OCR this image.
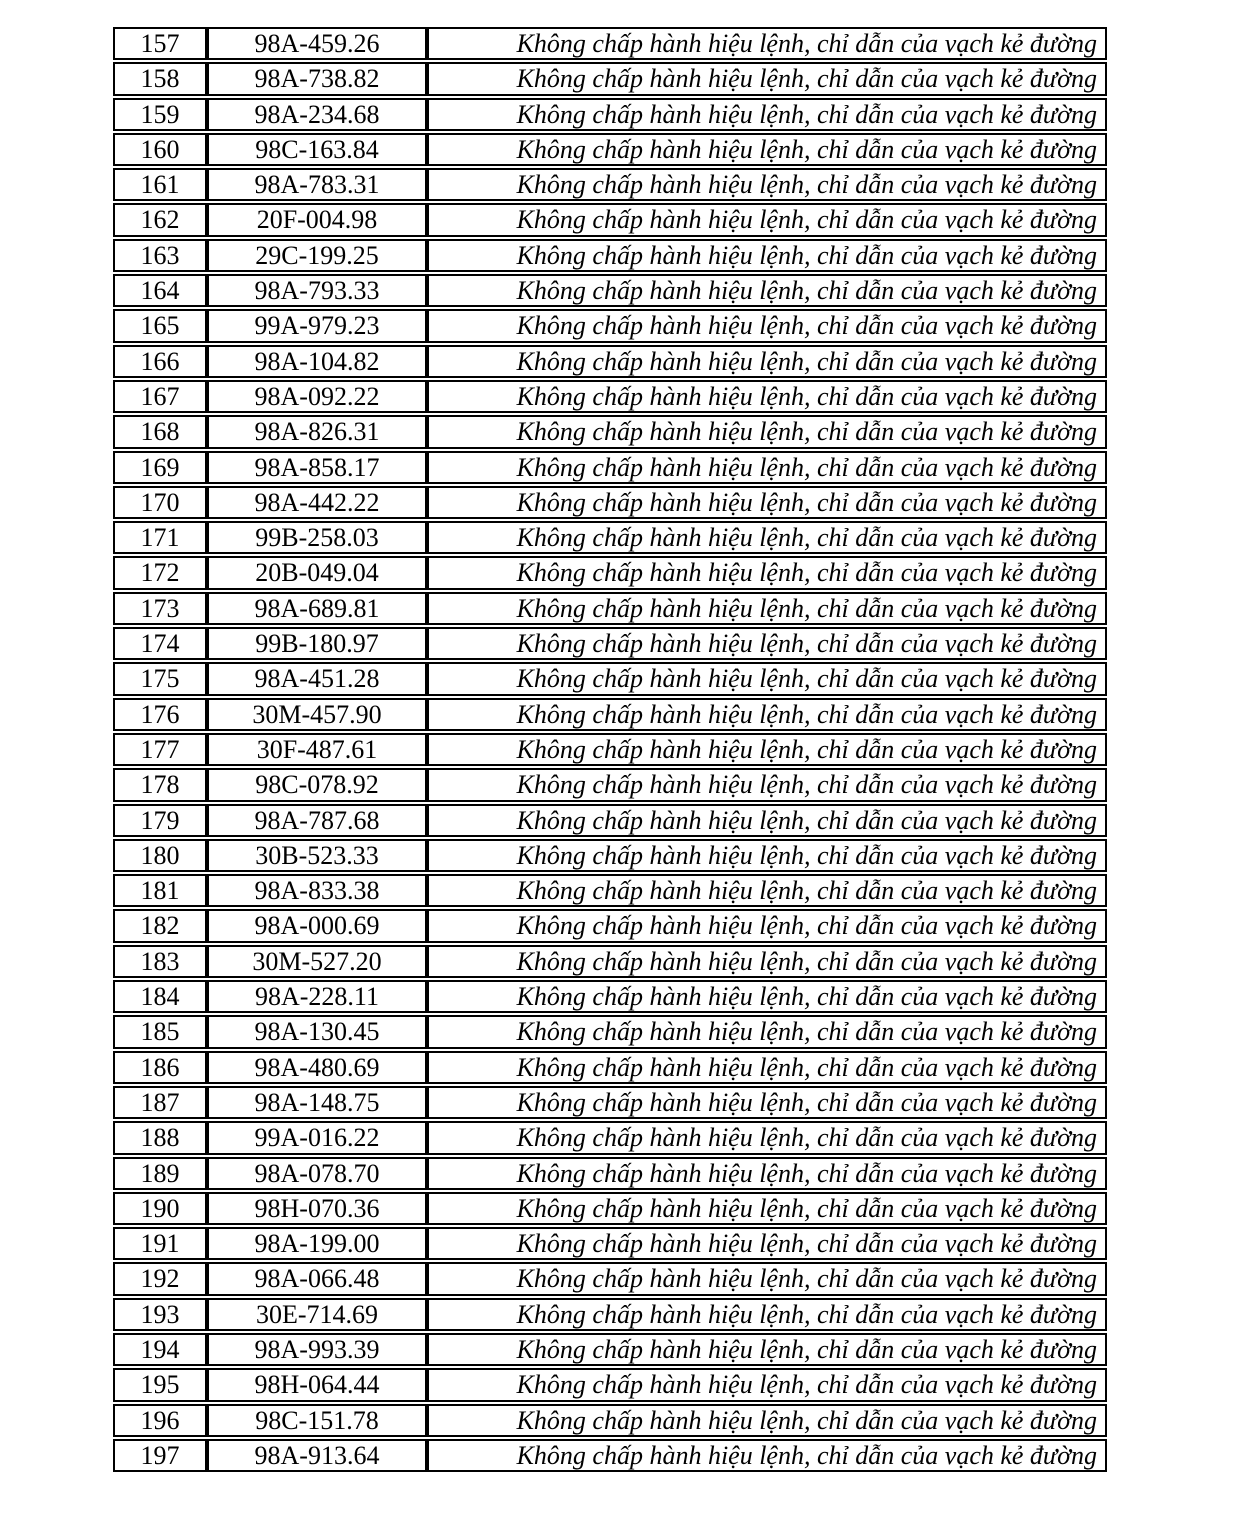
157	98A-459.26	Không chấp hành hiệu lệnh, chỉ dẫn của vạch kẻ đường
158	98A-738.82	Không chấp hành hiệu lệnh, chỉ dẫn của vạch kẻ đường
159	98A-234.68	Không chấp hành hiệu lệnh, chỉ dẫn của vạch kẻ đường
160	98C-163.84	Không chấp hành hiệu lệnh, chỉ dẫn của vạch kẻ đường
161	98A-783.31	Không chấp hành hiệu lệnh, chỉ dẫn của vạch kẻ đường
162	20F-004.98	Không chấp hành hiệu lệnh, chỉ dẫn của vạch kẻ đường
163	29C-199.25	Không chấp hành hiệu lệnh, chỉ dẫn của vạch kẻ đường
164	98A-793.33	Không chấp hành hiệu lệnh, chỉ dẫn của vạch kẻ đường
165	99A-979.23	Không chấp hành hiệu lệnh, chỉ dẫn của vạch kẻ đường
166	98A-104.82	Không chấp hành hiệu lệnh, chỉ dẫn của vạch kẻ đường
167	98A-092.22	Không chấp hành hiệu lệnh, chỉ dẫn của vạch kẻ đường
168	98A-826.31	Không chấp hành hiệu lệnh, chỉ dẫn của vạch kẻ đường
169	98A-858.17	Không chấp hành hiệu lệnh, chỉ dẫn của vạch kẻ đường
170	98A-442.22	Không chấp hành hiệu lệnh, chỉ dẫn của vạch kẻ đường
171	99B-258.03	Không chấp hành hiệu lệnh, chỉ dẫn của vạch kẻ đường
172	20B-049.04	Không chấp hành hiệu lệnh, chỉ dẫn của vạch kẻ đường
173	98A-689.81	Không chấp hành hiệu lệnh, chỉ dẫn của vạch kẻ đường
174	99B-180.97	Không chấp hành hiệu lệnh, chỉ dẫn của vạch kẻ đường
175	98A-451.28	Không chấp hành hiệu lệnh, chỉ dẫn của vạch kẻ đường
176	30M-457.90	Không chấp hành hiệu lệnh, chỉ dẫn của vạch kẻ đường
177	30F-487.61	Không chấp hành hiệu lệnh, chỉ dẫn của vạch kẻ đường
178	98C-078.92	Không chấp hành hiệu lệnh, chỉ dẫn của vạch kẻ đường
179	98A-787.68	Không chấp hành hiệu lệnh, chỉ dẫn của vạch kẻ đường
180	30B-523.33	Không chấp hành hiệu lệnh, chỉ dẫn của vạch kẻ đường
181	98A-833.38	Không chấp hành hiệu lệnh, chỉ dẫn của vạch kẻ đường
182	98A-000.69	Không chấp hành hiệu lệnh, chỉ dẫn của vạch kẻ đường
183	30M-527.20	Không chấp hành hiệu lệnh, chỉ dẫn của vạch kẻ đường
184	98A-228.11	Không chấp hành hiệu lệnh, chỉ dẫn của vạch kẻ đường
185	98A-130.45	Không chấp hành hiệu lệnh, chỉ dẫn của vạch kẻ đường
186	98A-480.69	Không chấp hành hiệu lệnh, chỉ dẫn của vạch kẻ đường
187	98A-148.75	Không chấp hành hiệu lệnh, chỉ dẫn của vạch kẻ đường
188	99A-016.22	Không chấp hành hiệu lệnh, chỉ dẫn của vạch kẻ đường
189	98A-078.70	Không chấp hành hiệu lệnh, chỉ dẫn của vạch kẻ đường
190	98H-070.36	Không chấp hành hiệu lệnh, chỉ dẫn của vạch kẻ đường
191	98A-199.00	Không chấp hành hiệu lệnh, chỉ dẫn của vạch kẻ đường
192	98A-066.48	Không chấp hành hiệu lệnh, chỉ dẫn của vạch kẻ đường
193	30E-714.69	Không chấp hành hiệu lệnh, chỉ dẫn của vạch kẻ đường
194	98A-993.39	Không chấp hành hiệu lệnh, chỉ dẫn của vạch kẻ đường
195	98H-064.44	Không chấp hành hiệu lệnh, chỉ dẫn của vạch kẻ đường
196	98C-151.78	Không chấp hành hiệu lệnh, chỉ dẫn của vạch kẻ đường
197	98A-913.64	Không chấp hành hiệu lệnh, chỉ dẫn của vạch kẻ đường
